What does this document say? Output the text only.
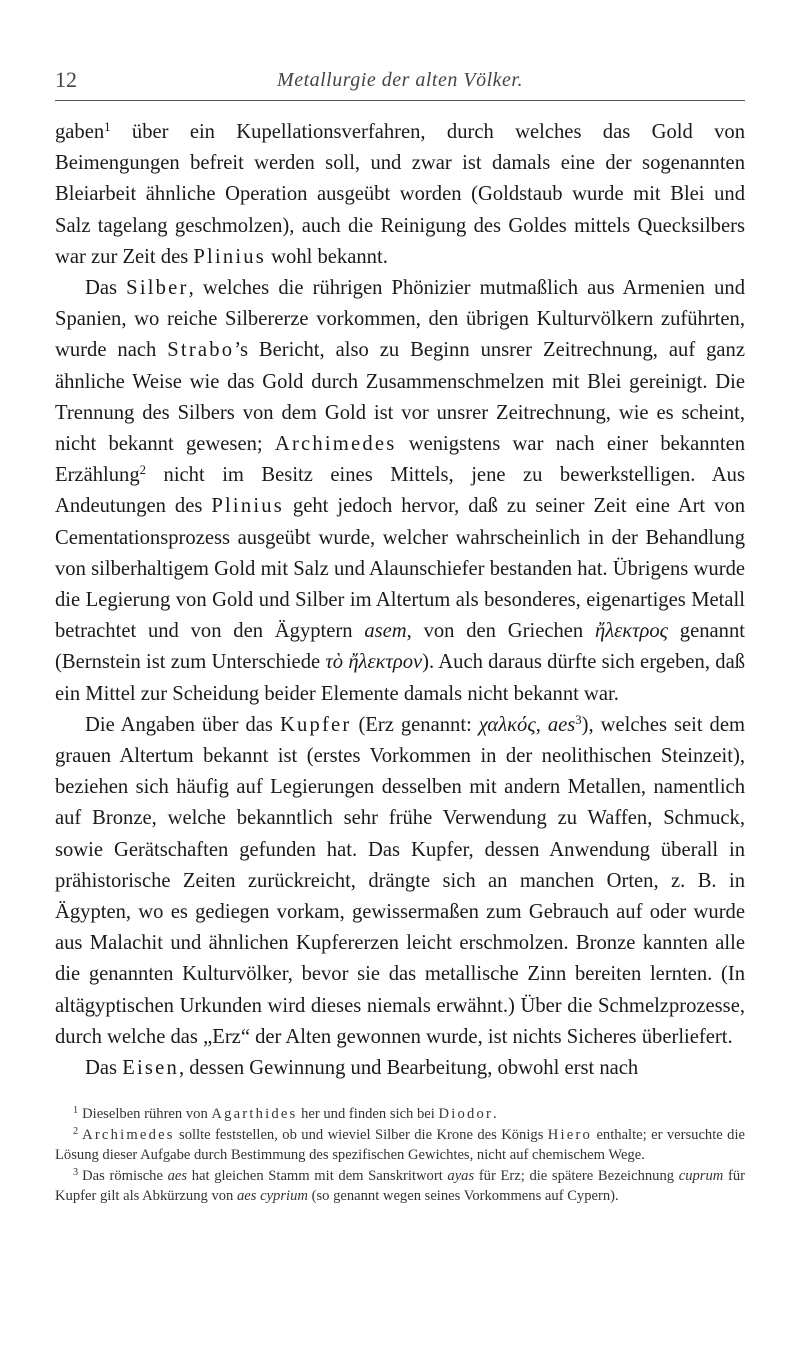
12	Metallurgie der alten Völker.

gaben$^1$ über ein Kupellationsverfahren, durch welches das Gold von Beimengungen befreit werden soll, und zwar ist damals eine der sogenannten Bleiarbeit ähnliche Operation ausgeübt worden (Goldstaub wurde mit Blei und Salz tagelang geschmolzen), auch die Reinigung des Goldes mittels Quecksilbers war zur Zeit des Plinius wohl bekannt.

Das Silber, welches die rührigen Phönizier mutmaßlich aus Armenien und Spanien, wo reiche Silbererze vorkommen, den übrigen Kulturvölkern zuführten, wurde nach Strabo’s Bericht, also zu Beginn unsrer Zeitrechnung, auf ganz ähnliche Weise wie das Gold durch Zusammenschmelzen mit Blei gereinigt. Die Trennung des Silbers von dem Gold ist vor unsrer Zeitrechnung, wie es scheint, nicht bekannt gewesen; Archimedes wenigstens war nach einer bekannten Erzählung$^2$ nicht im Besitz eines Mittels, jene zu bewerkstelligen. Aus Andeutungen des Plinius geht jedoch hervor, daß zu seiner Zeit eine Art von Cementationsprozess ausgeübt wurde, welcher wahrscheinlich in der Behandlung von silberhaltigem Gold mit Salz und Alaunschiefer bestanden hat. Übrigens wurde die Legierung von Gold und Silber im Altertum als besonderes, eigenartiges Metall betrachtet und von den Ägyptern asem, von den Griechen ἤλεκτρος genannt (Bernstein ist zum Unterschiede τὸ ἤλεκτρον). Auch daraus dürfte sich ergeben, daß ein Mittel zur Scheidung beider Elemente damals nicht bekannt war.

Die Angaben über das Kupfer (Erz genannt: χαλκός, aes$^3$), welches seit dem grauen Altertum bekannt ist (erstes Vorkommen in der neolithischen Steinzeit), beziehen sich häufig auf Legierungen desselben mit andern Metallen, namentlich auf Bronze, welche bekanntlich sehr frühe Verwendung zu Waffen, Schmuck, sowie Gerätschaften gefunden hat. Das Kupfer, dessen Anwendung überall in prähistorische Zeiten zurückreicht, drängte sich an manchen Orten, z. B. in Ägypten, wo es gediegen vorkam, gewissermaßen zum Gebrauch auf oder wurde aus Malachit und ähnlichen Kupfererzen leicht erschmolzen. Bronze kannten alle die genannten Kulturvölker, bevor sie das metallische Zinn bereiten lernten. (In altägyptischen Urkunden wird dieses niemals erwähnt.) Über die Schmelzprozesse, durch welche das „Erz“ der Alten gewonnen wurde, ist nichts Sicheres überliefert.

Das Eisen, dessen Gewinnung und Bearbeitung, obwohl erst nach

$^1$ Dieselben rühren von Agarthides her und finden sich bei Diodor.

$^2$ Archimedes sollte feststellen, ob und wieviel Silber die Krone des Königs Hiero enthalte; er versuchte die Lösung dieser Aufgabe durch Bestimmung des spezifischen Gewichtes, nicht auf chemischem Wege.

$^3$ Das römische aes hat gleichen Stamm mit dem Sanskritwort ayas für Erz; die spätere Bezeichnung cuprum für Kupfer gilt als Abkürzung von aes cyprium (so genannt wegen seines Vorkommens auf Cypern).
